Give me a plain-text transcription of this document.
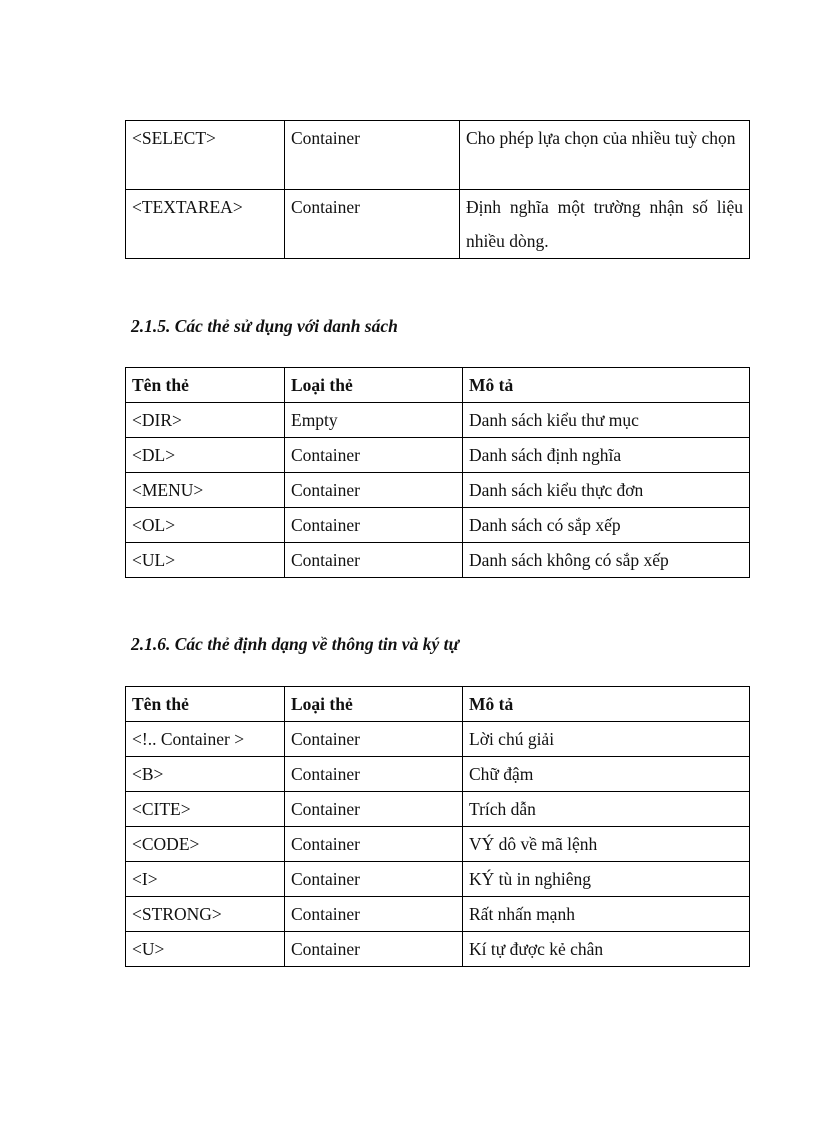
<SELECT>	Container	Cho phép lựa chọn của nhiều tuỳ chọn
<TEXTAREA>	Container	Định nghĩa một trường nhận số liệu nhiều dòng.
2.1.5. Các thẻ sử dụng với danh sách
Tên thẻ	Loại thẻ	Mô tả
<DIR>	Empty	Danh sách kiểu thư mục
<DL>	Container	Danh sách định nghĩa
<MENU>	Container	Danh sách kiểu thực đơn
<OL>	Container	Danh sách có sắp xếp
<UL>	Container	Danh sách không có sắp xếp
2.1.6. Các thẻ định dạng về thông tin và ký tự
Tên thẻ	Loại thẻ	Mô tả
<!.. Container >	Container	Lời chú giải
<B>	Container	Chữ đậm
<CITE>	Container	Trích dẫn
<CODE>	Container	VÝ dô về mã lệnh
<I>	Container	KÝ tù in nghiêng
<STRONG>	Container	Rất nhấn mạnh
<U>	Container	Kí tự được kẻ chân
